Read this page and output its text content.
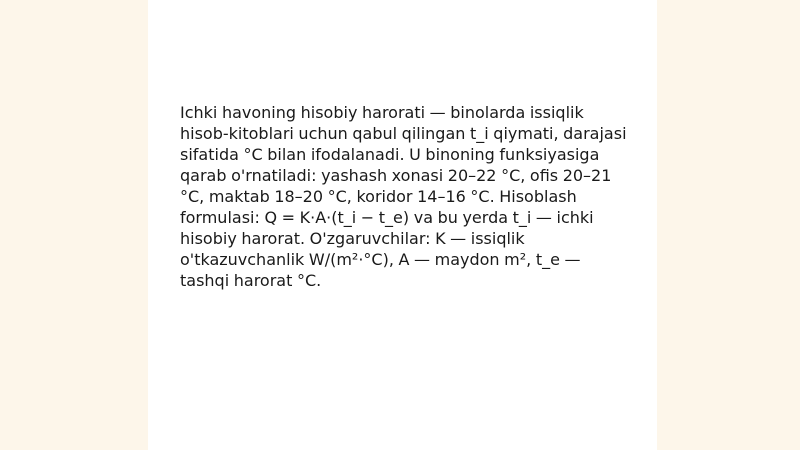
Ichki havoning hisobiy harorati — binolarda issiqlik hisob-kitoblari uchun qabul qilingan t_i qiymati, darajasi sifatida °C bilan ifodalanadi. U binoning funksiyasiga qarab o'rnatiladi: yashash xonasi 20–22 °C, ofis 20–21 °C, maktab 18–20 °C, koridor 14–16 °C. Hisoblash formulasi: Q = K·A·(t_i − t_e) va bu yerda t_i — ichki hisobiy harorat. O'zgaruvchilar: K — issiqlik o'tkazuvchanlik W/(m²·°C), A — maydon m², t_e — tashqi harorat °C.
